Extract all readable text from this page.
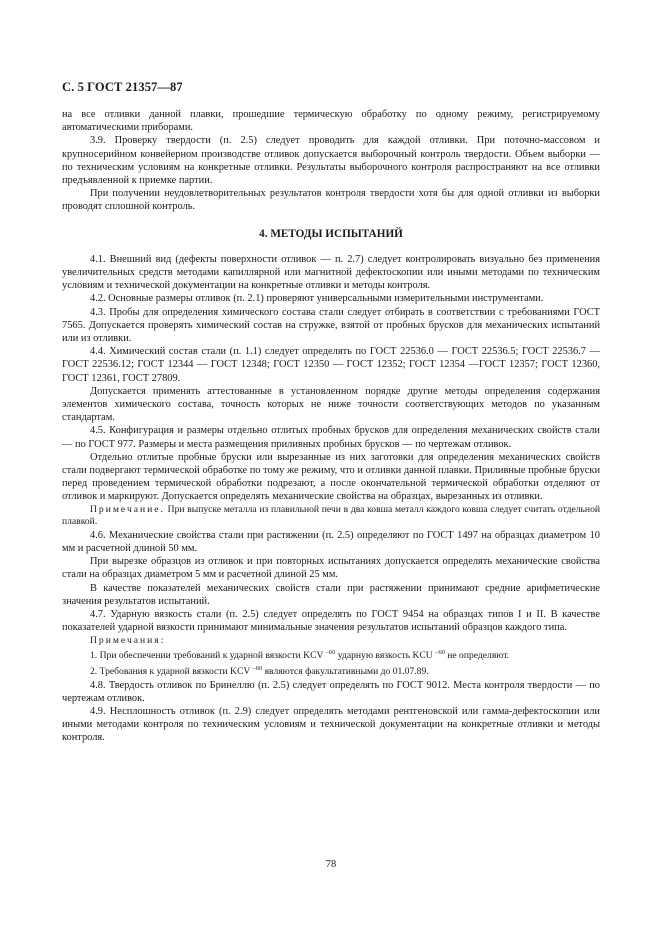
С. 5 ГОСТ 21357—87

на все отливки данной плавки, прошедшие термическую обработку по одному режиму, регистрируемому автоматическими приборами.

3.9. Проверку твердости (п. 2.5) следует проводить для каждой отливки. При поточно-массовом и крупносерийном конвейерном производстве отливок допускается выборочный контроль твердости. Объем выборки — по техническим условиям на конкретные отливки. Результаты выборочного контроля распространяют на все отливки предъявленной к приемке партии.

При получении неудовлетворительных результатов контроля твердости хотя бы для одной отливки из выборки проводят сплошной контроль.

4. МЕТОДЫ ИСПЫТАНИЙ

4.1. Внешний вид (дефекты поверхности отливок — п. 2.7) следует контролировать визуально без применения увеличительных средств методами капиллярной или магнитной дефектоскопии или иными методами по техническим условиям и технической документации на конкретные отливки и методы контроля.

4.2. Основные размеры отливок (п. 2.1) проверяют универсальными измерительными инструментами.

4.3. Пробы для определения химического состава стали следует отбирать в соответствии с требованиями ГОСТ 7565. Допускается проверять химический состав на стружке, взятой от пробных брусков для механических испытаний или из отливки.

4.4. Химический состав стали (п. 1.1) следует определять по ГОСТ 22536.0 — ГОСТ 22536.5; ГОСТ 22536.7 — ГОСТ 22536.12; ГОСТ 12344 — ГОСТ 12348; ГОСТ 12350 — ГОСТ 12352; ГОСТ 12354 —ГОСТ 12357; ГОСТ 12360, ГОСТ 12361, ГОСТ 27809.

Допускается применять аттестованные в установленном порядке другие методы определения содержания элементов химического состава, точность которых не ниже точности соответствующих методов по указанным стандартам.

4.5. Конфигурация и размеры отдельно отлитых пробных брусков для определения механических свойств стали — по ГОСТ 977. Размеры и места размещения приливных пробных брусков — по чертежам отливок.

Отдельно отлитые пробные бруски или вырезанные из них заготовки для определения механических свойств стали подвергают термической обработке по тому же режиму, что и отливки данной плавки. Приливные пробные бруски перед проведением термической обработки подрезают, а после окончательной термической обработки отделяют от отливок и маркируют. Допускается определять механические свойства на образцах, вырезанных из отливки.

Примечание. При выпуске металла из плавильной печи в два ковша металл каждого ковша следует считать отдельной плавкой.

4.6. Механические свойства стали при растяжении (п. 2.5) определяют по ГОСТ 1497 на образцах диаметром 10 мм и расчетной длиной 50 мм.

При вырезке образцов из отливок и при повторных испытаниях допускается определять механические свойства стали на образцах диаметром 5 мм и расчетной длиной 25 мм.

В качестве показателей механических свойств стали при растяжении принимают средние арифметические значения результатов испытаний.

4.7. Ударную вязкость стали (п. 2.5) следует определять по ГОСТ 9454 на образцах типов I и II. В качестве показателей ударной вязкости принимают минимальные значения результатов испытаний образцов каждого типа.

Примечания:

1. При обеспечении требований к ударной вязкости KCV $^{-60}$ ударную вязкость KCU $^{-60}$ не определяют.

2. Требования к ударной вязкости KCV $^{-60}$ являются факультативными до 01.07.89.

4.8. Твердость отливок по Бринеллю (п. 2.5) следует определять по ГОСТ 9012. Места контроля твердости — по чертежам отливок.

4.9. Несплошность отливок (п. 2.9) следует определять методами рентгеновской или гамма-дефектоскопии или иными методами контроля по техническим условиям и технической документации на конкретные отливки и методы контроля.

78
